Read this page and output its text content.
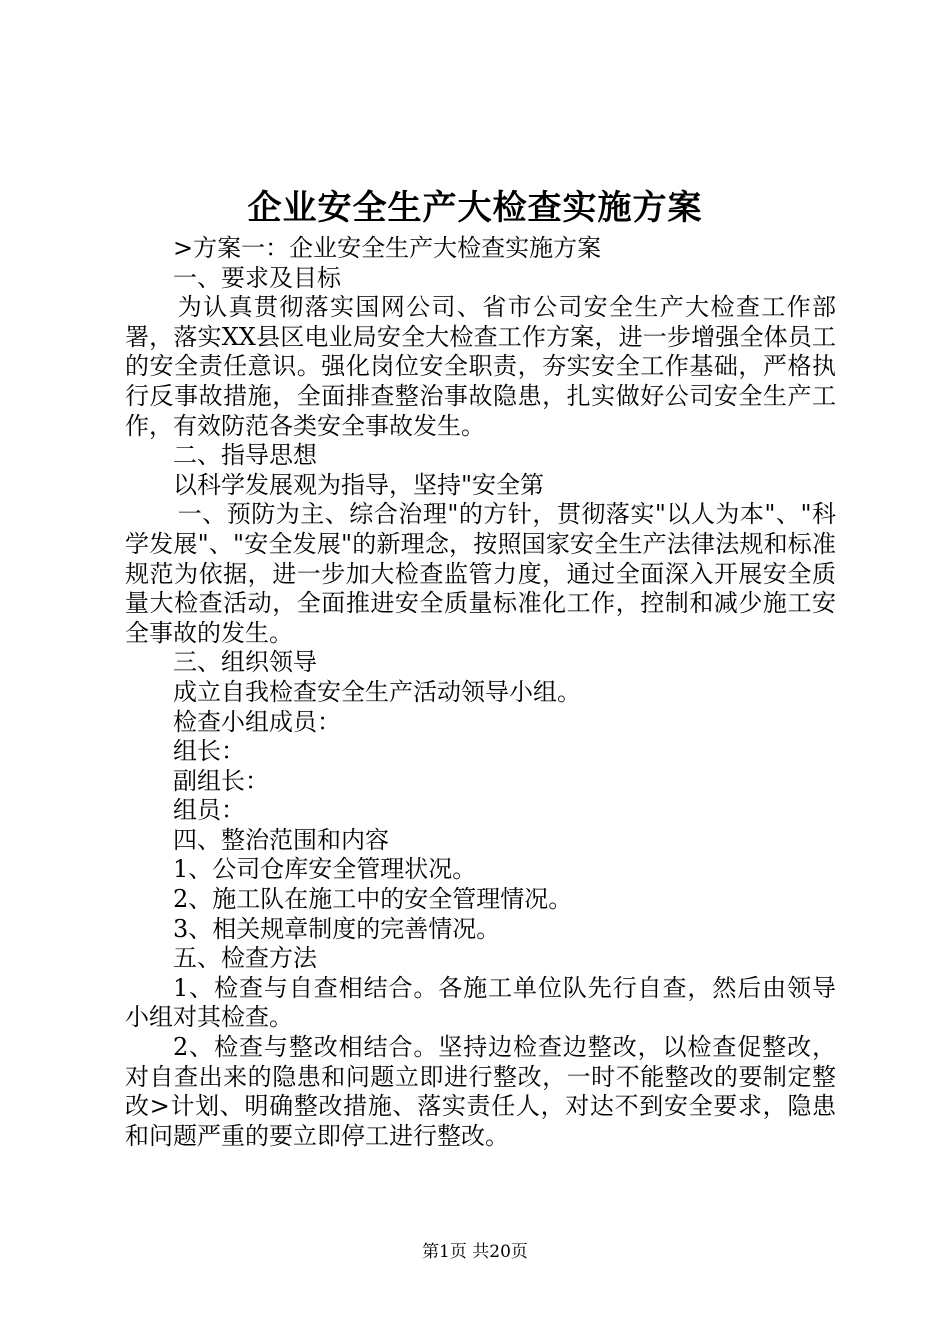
企业安全生产大检查实施方案

>方案一：企业安全生产大检查实施方案

一、要求及目标

为认真贯彻落实国网公司、省市公司安全生产大检查工作部署，落实XX县区电业局安全大检查工作方案，进一步增强全体员工的安全责任意识。强化岗位安全职责，夯实安全工作基础，严格执行反事故措施，全面排查整治事故隐患，扎实做好公司安全生产工作，有效防范各类安全事故发生。

二、指导思想

以科学发展观为指导，坚持"安全第

一、预防为主、综合治理"的方针，贯彻落实"以人为本"、"科学发展"、"安全发展"的新理念，按照国家安全生产法律法规和标准规范为依据，进一步加大检查监管力度，通过全面深入开展安全质量大检查活动，全面推进安全质量标准化工作，控制和减少施工安全事故的发生。

三、组织领导

成立自我检查安全生产活动领导小组。

检查小组成员：

组长：

副组长：

组员：

四、整治范围和内容

1、公司仓库安全管理状况。

2、施工队在施工中的安全管理情况。

3、相关规章制度的完善情况。

五、检查方法

1、检查与自查相结合。各施工单位队先行自查，然后由领导小组对其检查。

2、检查与整改相结合。坚持边检查边整改，以检查促整改，对自查出来的隐患和问题立即进行整改，一时不能整改的要制定整改>计划、明确整改措施、落实责任人，对达不到安全要求，隐患和问题严重的要立即停工进行整改。

第1页 共20页
